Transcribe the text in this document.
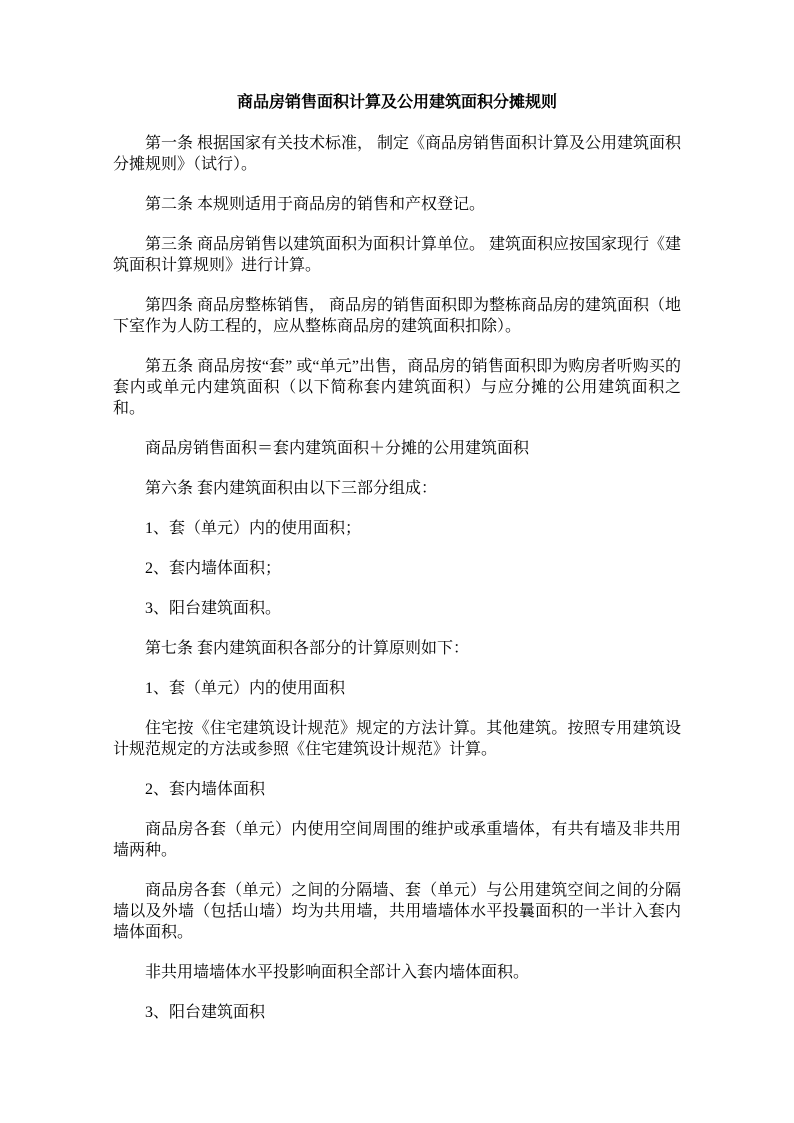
商品房销售面积计算及公用建筑面积分摊规则

第一条 根据国家有关技术标准， 制定《商品房销售面积计算及公用建筑面积分摊规则》（试行）。

第二条 本规则适用于商品房的销售和产权登记。

第三条 商品房销售以建筑面积为面积计算单位。 建筑面积应按国家现行《建筑面积计算规则》进行计算。

第四条 商品房整栋销售， 商品房的销售面积即为整栋商品房的建筑面积（地下室作为人防工程的，应从整栋商品房的建筑面积扣除）。

第五条 商品房按“套” 或“单元”出售，商品房的销售面积即为购房者听购买的套内或单元内建筑面积（以下简称套内建筑面积）与应分摊的公用建筑面积之和。

商品房销售面积＝套内建筑面积＋分摊的公用建筑面积

第六条 套内建筑面积由以下三部分组成：

1、套（单元）内的使用面积；

2、套内墙体面积；

3、阳台建筑面积。

第七条 套内建筑面积各部分的计算原则如下：

1、套（单元）内的使用面积

住宅按《住宅建筑设计规范》规定的方法计算。其他建筑。按照专用建筑设计规范规定的方法或参照《住宅建筑设计规范》计算。

2、套内墙体面积

商品房各套（单元）内使用空间周围的维护或承重墙体，有共有墙及非共用墙两种。

商品房各套（单元）之间的分隔墙、套（单元）与公用建筑空间之间的分隔墙以及外墙（包括山墙）均为共用墙，共用墙墙体水平投曩面积的一半计入套内墙体面积。

非共用墙墙体水平投影响面积全部计入套内墙体面积。

3、阳台建筑面积
